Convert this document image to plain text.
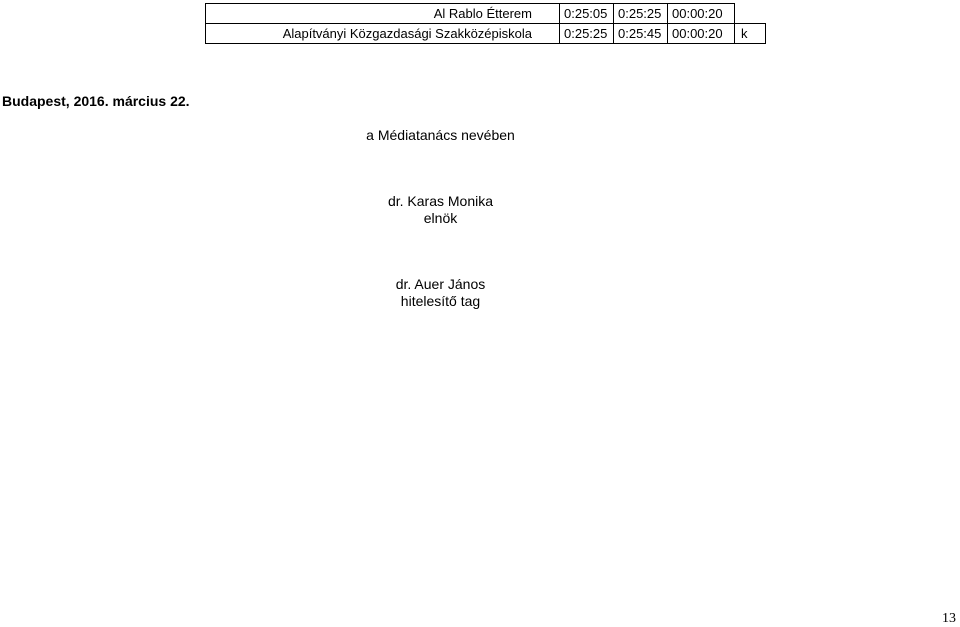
Al Rablo Étterem	0:25:05	0:25:25	00:00:20	
Alapítványi Közgazdasági Szakközépiskola	0:25:25	0:25:45	00:00:20	k
Budapest, 2016. március 22.
a Médiatanács nevében
dr. Karas Monika
elnök
dr. Auer János
hitelesítő tag
13
